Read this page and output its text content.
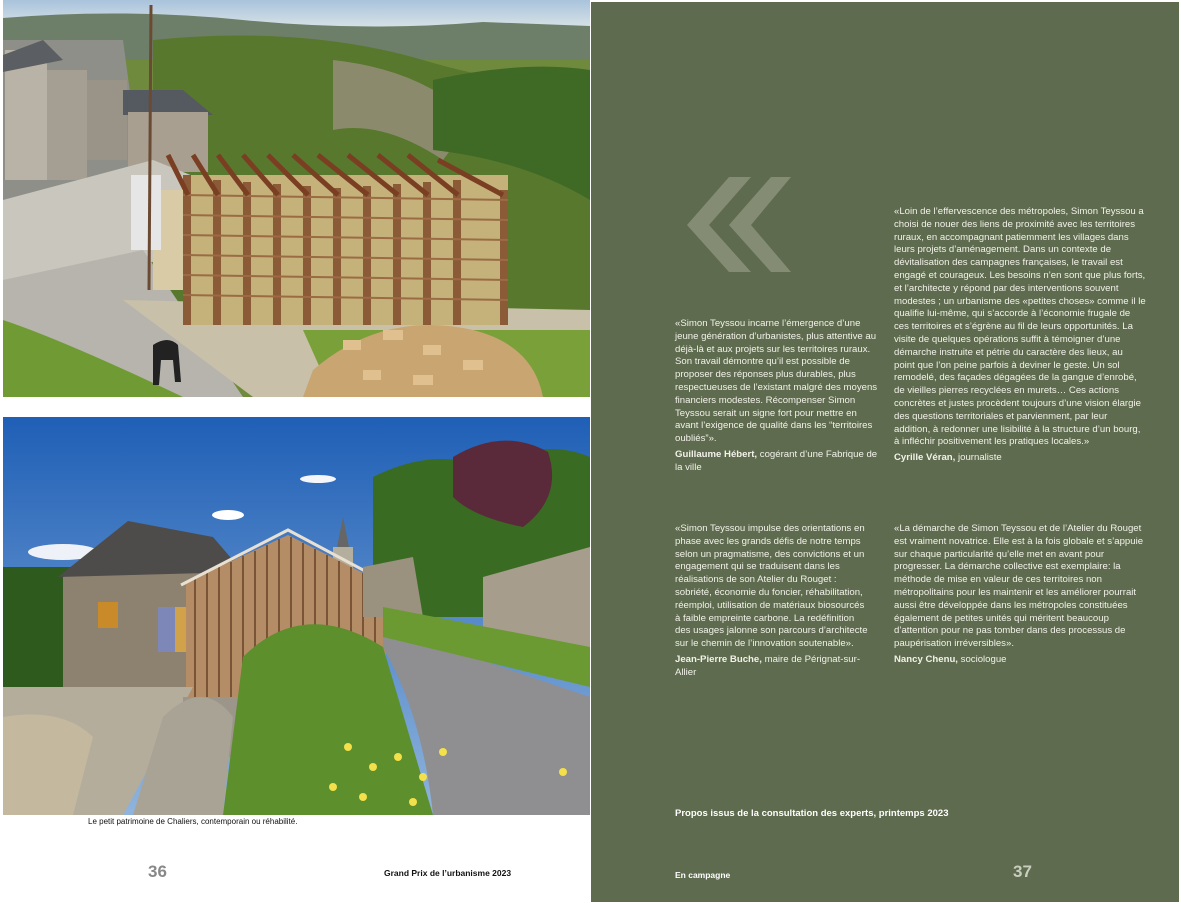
Le petit patrimoine de Chaliers, contemporain ou réhabilité.
36	Grand Prix de l’urbanisme 2023

«Simon Teyssou incarne l’émergence d’une jeune génération d’urbanistes, plus attentive au déjà-là et aux projets sur les territoires ruraux. Son travail démontre qu’il est possible de proposer des réponses plus durables, plus respectueuses de l’existant malgré des moyens financiers modestes. Récompenser Simon Teyssou serait un signe fort pour mettre en avant l’exigence de qualité dans les “territoires oubliés”».

Guillaume Hébert, cogérant d’une Fabrique de la ville

«Loin de l’effervescence des métropoles, Simon Teyssou a choisi de nouer des liens de proximité avec les territoires ruraux, en accompagnant patiemment les villages dans leurs projets d’aménagement. Dans un contexte de dévitalisation des campagnes françaises, le travail est engagé et courageux. Les besoins n’en sont que plus forts, et l’architecte y répond par des interventions souvent modestes ; un urbanisme des «petites choses» comme il le qualifie lui-même, qui s’accorde à l’économie frugale de ces territoires et s’égrène au fil de leurs opportunités. La visite de quelques opérations suffit à témoigner d’une démarche instruite et pétrie du caractère des lieux, au point que l’on peine parfois à deviner le geste. Un sol remodelé, des façades dégagées de la gangue d’enrobé, de vieilles pierres recyclées en murets… Ces actions concrètes et justes procèdent toujours d’une vision élargie des questions territoriales et parvienment, par leur addition, à redonner une lisibilité à la structure d’un bourg, à infléchir positivement les pratiques locales.»

Cyrille Véran, journaliste

«Simon Teyssou impulse des orientations en phase avec les grands défis de notre temps selon un pragmatisme, des convictions et un engagement qui se traduisent dans les réalisations de son Atelier du Rouget : sobriété, économie du foncier, réhabilitation, réemploi, utilisation de matériaux biosourcés à faible empreinte carbone. La redéfinition des usages jalonne son parcours d’architecte sur le chemin de l’innovation soutenable».

Jean-Pierre Buche, maire de Pérignat-sur-Allier

«La démarche de Simon Teyssou et de l’Atelier du Rouget est vraiment novatrice. Elle est à la fois globale et s’appuie sur chaque particularité qu’elle met en avant pour progresser. La démarche collective est exemplaire: la méthode de mise en valeur de ces territoires non métropolitains pour les maintenir et les améliorer pourrait aussi être développée dans les métropoles constituées également de petites unités qui méritent beaucoup d’attention pour ne pas tomber dans des processus de paupérisation irréversibles».

Nancy Chenu, sociologue
Propos issus de la consultation des experts, printemps 2023
En campagne	37
